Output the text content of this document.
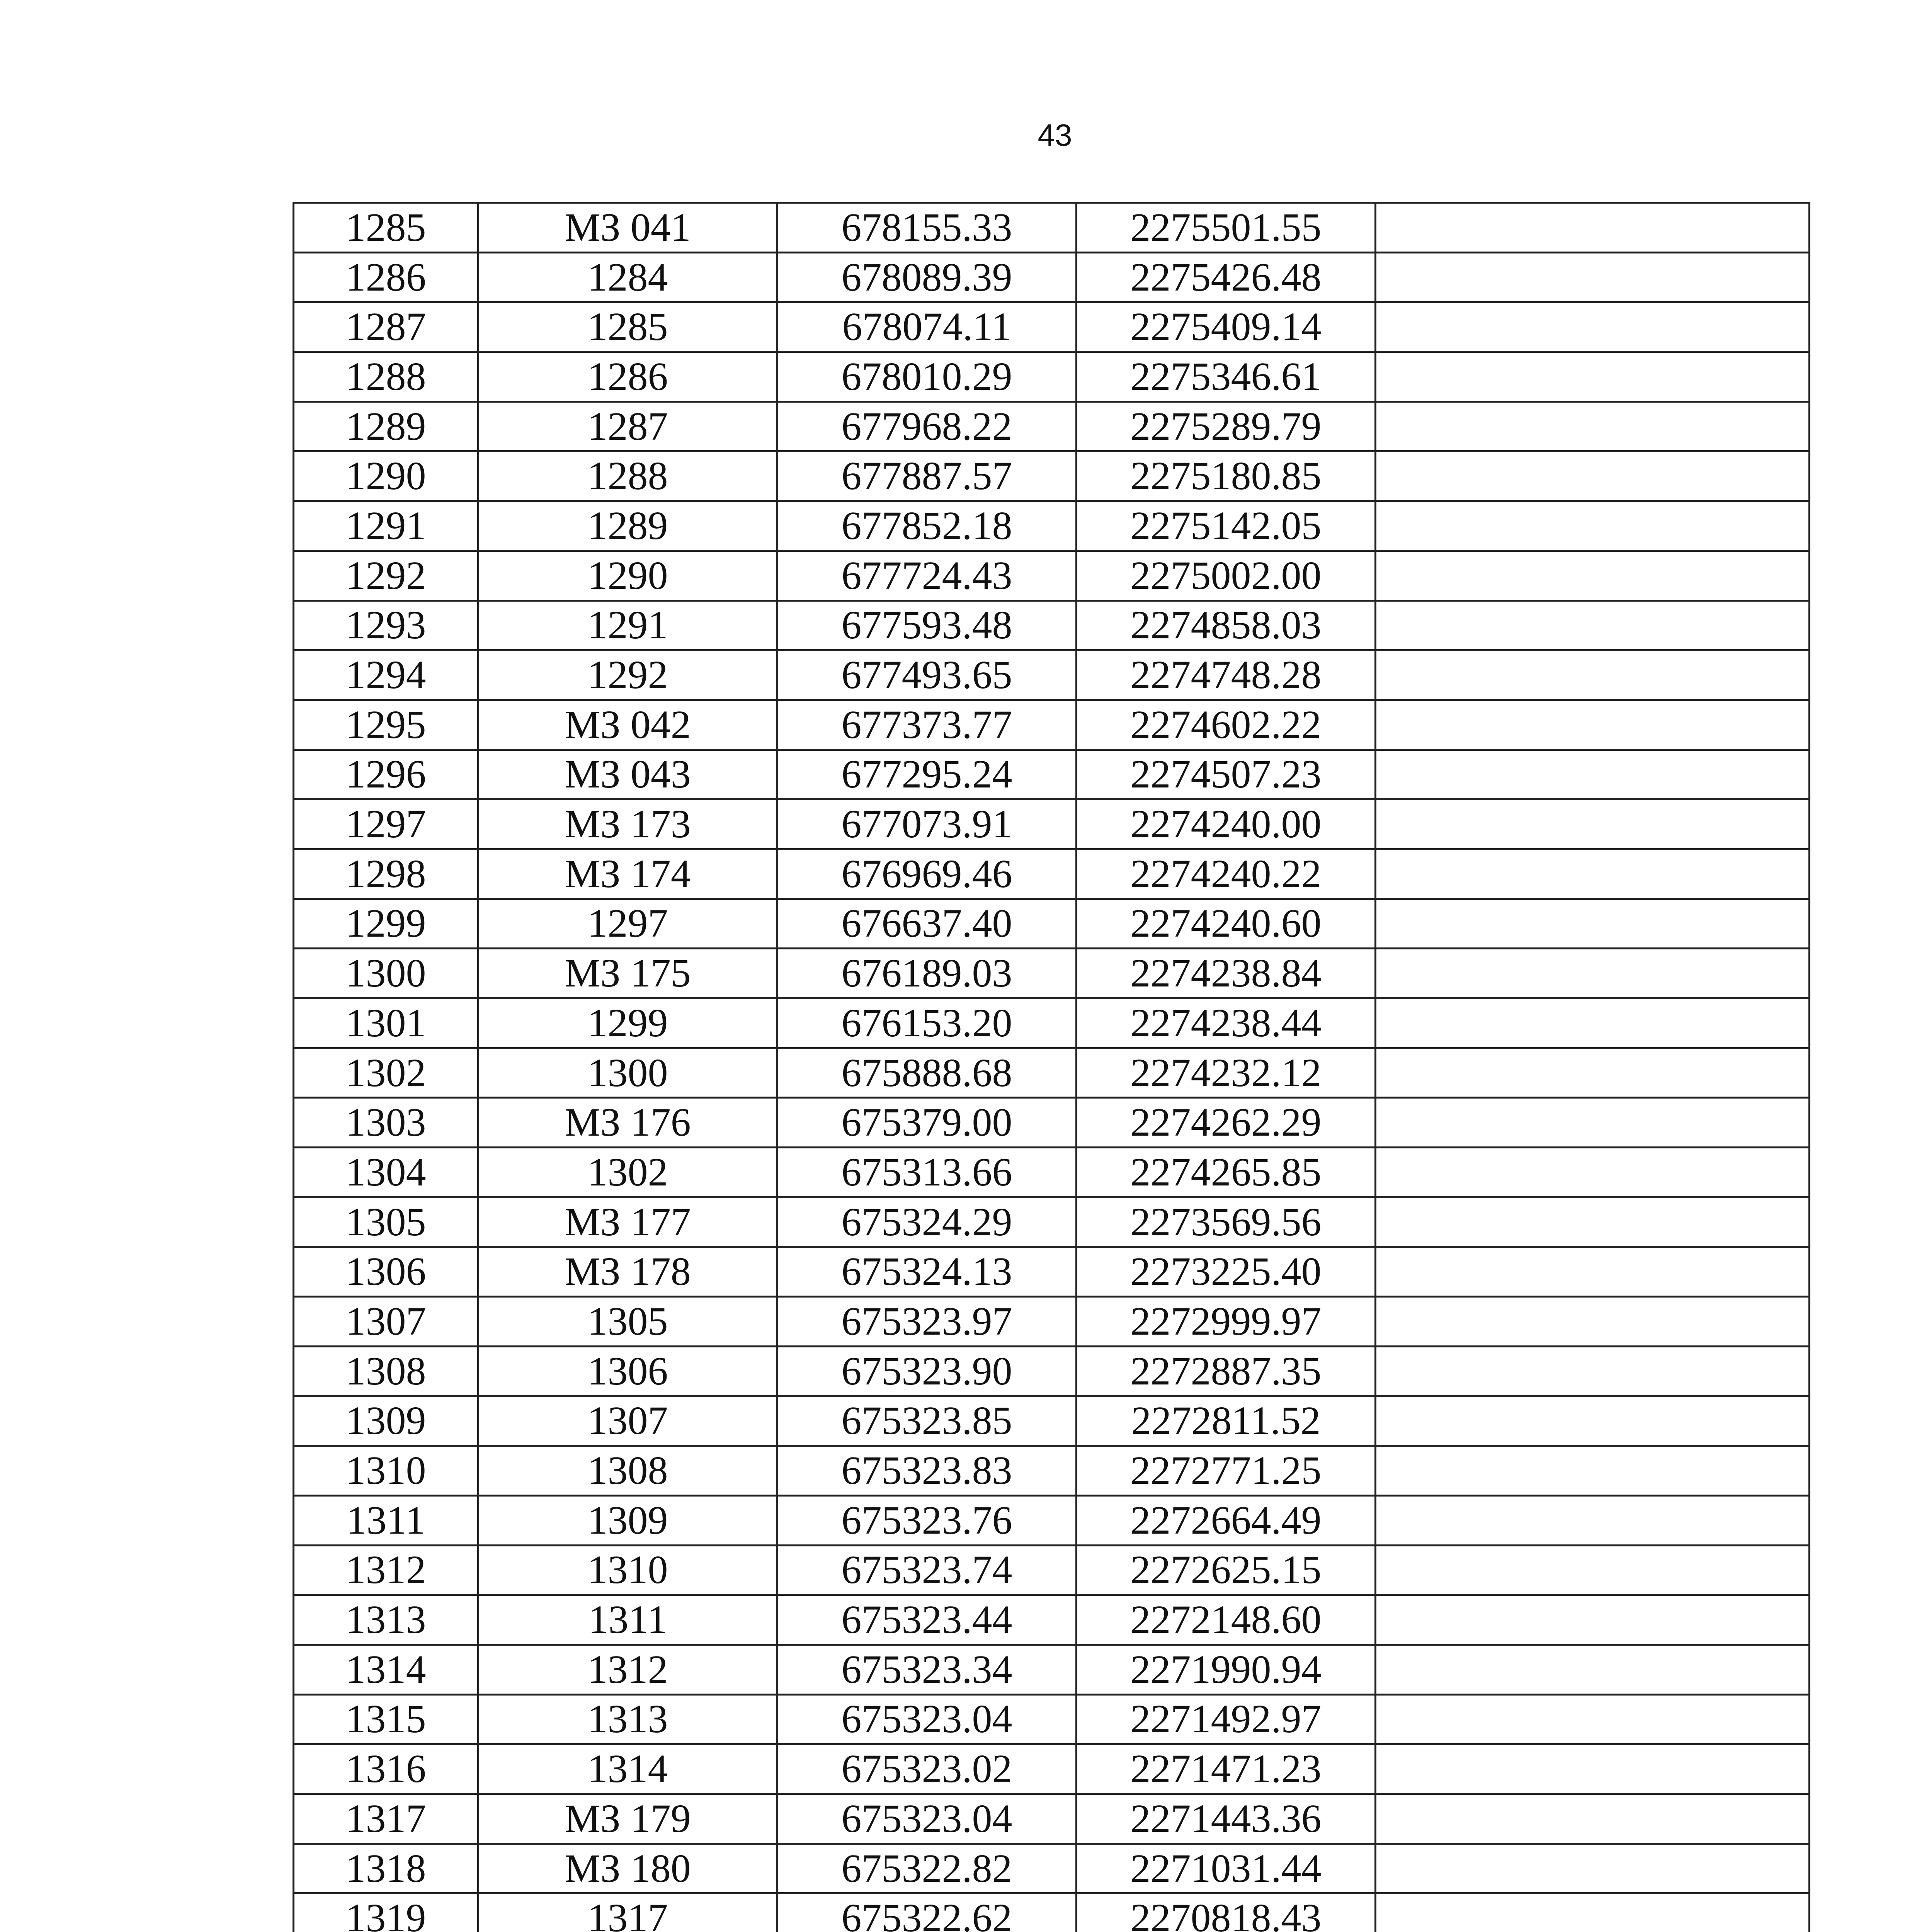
43
1285	МЗ 041	678155.33	2275501.55	
1286	1284	678089.39	2275426.48	
1287	1285	678074.11	2275409.14	
1288	1286	678010.29	2275346.61	
1289	1287	677968.22	2275289.79	
1290	1288	677887.57	2275180.85	
1291	1289	677852.18	2275142.05	
1292	1290	677724.43	2275002.00	
1293	1291	677593.48	2274858.03	
1294	1292	677493.65	2274748.28	
1295	МЗ 042	677373.77	2274602.22	
1296	МЗ 043	677295.24	2274507.23	
1297	МЗ 173	677073.91	2274240.00	
1298	МЗ 174	676969.46	2274240.22	
1299	1297	676637.40	2274240.60	
1300	МЗ 175	676189.03	2274238.84	
1301	1299	676153.20	2274238.44	
1302	1300	675888.68	2274232.12	
1303	МЗ 176	675379.00	2274262.29	
1304	1302	675313.66	2274265.85	
1305	МЗ 177	675324.29	2273569.56	
1306	МЗ 178	675324.13	2273225.40	
1307	1305	675323.97	2272999.97	
1308	1306	675323.90	2272887.35	
1309	1307	675323.85	2272811.52	
1310	1308	675323.83	2272771.25	
1311	1309	675323.76	2272664.49	
1312	1310	675323.74	2272625.15	
1313	1311	675323.44	2272148.60	
1314	1312	675323.34	2271990.94	
1315	1313	675323.04	2271492.97	
1316	1314	675323.02	2271471.23	
1317	МЗ 179	675323.04	2271443.36	
1318	МЗ 180	675322.82	2271031.44	
1319	1317	675322.62	2270818.43	
